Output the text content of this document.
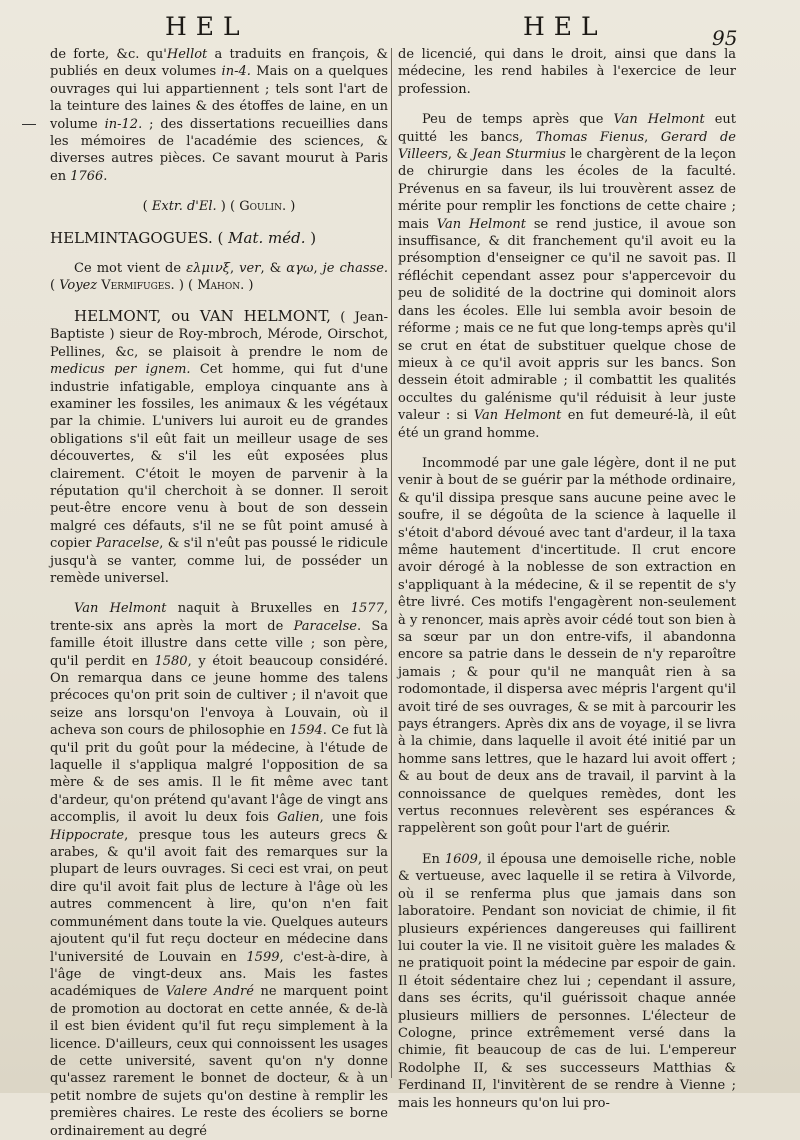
HEL	HEL	95

de forte, &c. qu'Hellot a traduits en françois, & publiés en deux volumes in-4. Mais on a quelques ouvrages qui lui appartiennent ; tels sont l'art de la teinture des laines & des étoffes de laine, en un volume in-12. ; des dissertations recueillies dans les mémoires de l'académie des sciences, & diverses autres pièces. Ce savant mourut à Paris en 1766.

( Extr. d'El. ) ( Goulin. )

HELMINTAGOGUES. ( Mat. méd. )

Ce mot vient de ελμινξ, ver, & αγω, je chasse. ( Voyez Vermifuges. ) ( Mahon. )

HELMONT, ou VAN HELMONT, ( Jean-Baptiste ) sieur de Roy-mbroch, Mérode, Oirschot, Pellines, &c, se plaisoit à prendre le nom de medicus per ignem. Cet homme, qui fut d'une industrie infatigable, employa cinquante ans à examiner les fossiles, les animaux & les végétaux par la chimie. L'univers lui auroit eu de grandes obligations s'il eût fait un meilleur usage de ses découvertes, & s'il les eût exposées plus clairement. C'étoit le moyen de parvenir à la réputation qu'il cherchoit à se donner. Il seroit peut-être encore venu à bout de son dessein malgré ces défauts, s'il ne se fût point amusé à copier Paracelse, & s'il n'eût pas poussé le ridicule jusqu'à se vanter, comme lui, de posséder un remède universel.

Van Helmont naquit à Bruxelles en 1577, trente-six ans après la mort de Paracelse. Sa famille étoit illustre dans cette ville ; son père, qu'il perdit en 1580, y étoit beaucoup considéré. On remarqua dans ce jeune homme des talens précoces qu'on prit soin de cultiver ; il n'avoit que seize ans lorsqu'on l'envoya à Louvain, où il acheva son cours de philosophie en 1594. Ce fut là qu'il prit du goût pour la médecine, à l'étude de laquelle il s'appliqua malgré l'opposition de sa mère & de ses amis. Il le fit même avec tant d'ardeur, qu'on prétend qu'avant l'âge de vingt ans accomplis, il avoit lu deux fois Galien, une fois Hippocrate, presque tous les auteurs grecs & arabes, & qu'il avoit fait des remarques sur la plupart de leurs ouvrages. Si ceci est vrai, on peut dire qu'il avoit fait plus de lecture à l'âge où les autres commencent à lire, qu'on n'en fait communément dans toute la vie. Quelques auteurs ajoutent qu'il fut reçu docteur en médecine dans l'université de Louvain en 1599, c'est-à-dire, à l'âge de vingt-deux ans. Mais les fastes académiques de Valere André ne marquent point de promotion au doctorat en cette année, & de-là il est bien évident qu'il fut reçu simplement à la licence. D'ailleurs, ceux qui connoissent les usages de cette université, savent qu'on n'y donne qu'assez rarement le bonnet de docteur, & à un petit nombre de sujets qu'on destine à remplir les premières chaires. Le reste des écoliers se borne ordinairement au degré

de licencié, qui dans le droit, ainsi que dans la médecine, les rend habiles à l'exercice de leur profession.

Peu de temps après que Van Helmont eut quitté les bancs, Thomas Fienus, Gerard de Villeers, & Jean Sturmius le chargèrent de la leçon de chirurgie dans les écoles de la faculté. Prévenus en sa faveur, ils lui trouvèrent assez de mérite pour remplir les fonctions de cette chaire ; mais Van Helmont se rend justice, il avoue son insuffisance, & dit franchement qu'il avoit eu la présomption d'enseigner ce qu'il ne savoit pas. Il réfléchit cependant assez pour s'appercevoir du peu de solidité de la doctrine qui dominoit alors dans les écoles. Elle lui sembla avoir besoin de réforme ; mais ce ne fut que long-temps après qu'il se crut en état de substituer quelque chose de mieux à ce qu'il avoit appris sur les bancs. Son dessein étoit admirable ; il combattit les qualités occultes du galénisme qu'il réduisit à leur juste valeur : si Van Helmont en fut demeuré-là, il eût été un grand homme.

Incommodé par une gale légère, dont il ne put venir à bout de se guérir par la méthode ordinaire, & qu'il dissipa presque sans aucune peine avec le soufre, il se dégoûta de la science à laquelle il s'étoit d'abord dévoué avec tant d'ardeur, il la taxa même hautement d'incertitude. Il crut encore avoir dérogé à la noblesse de son extraction en s'appliquant à la médecine, & il se repentit de s'y être livré. Ces motifs l'engagèrent non-seulement à y renoncer, mais après avoir cédé tout son bien à sa sœur par un don entre-vifs, il abandonna encore sa patrie dans le dessein de n'y reparoître jamais ; & pour qu'il ne manquât rien à sa rodomontade, il dispersa avec mépris l'argent qu'il avoit tiré de ses ouvrages, & se mit à parcourir les pays étrangers. Après dix ans de voyage, il se livra à la chimie, dans laquelle il avoit été initié par un homme sans lettres, que le hazard lui avoit offert ; & au bout de deux ans de travail, il parvint à la connoissance de quelques remèdes, dont les vertus reconnues relevèrent ses espérances & rappelèrent son goût pour l'art de guérir.

En 1609, il épousa une demoiselle riche, noble & vertueuse, avec laquelle il se retira à Vilvorde, où il se renferma plus que jamais dans son laboratoire. Pendant son noviciat de chimie, il fit plusieurs expériences dangereuses qui faillirent lui couter la vie. Il ne visitoit guère les malades & ne pratiquoit point la médecine par espoir de gain. Il étoit sédentaire chez lui ; cependant il assure, dans ses écrits, qu'il guérissoit chaque année plusieurs milliers de personnes. L'électeur de Cologne, prince extrêmement versé dans la chimie, fit beaucoup de cas de lui. L'empereur Rodolphe II, & ses successeurs Matthias & Ferdinand II, l'invitèrent de se rendre à Vienne ; mais les honneurs qu'on lui pro-
